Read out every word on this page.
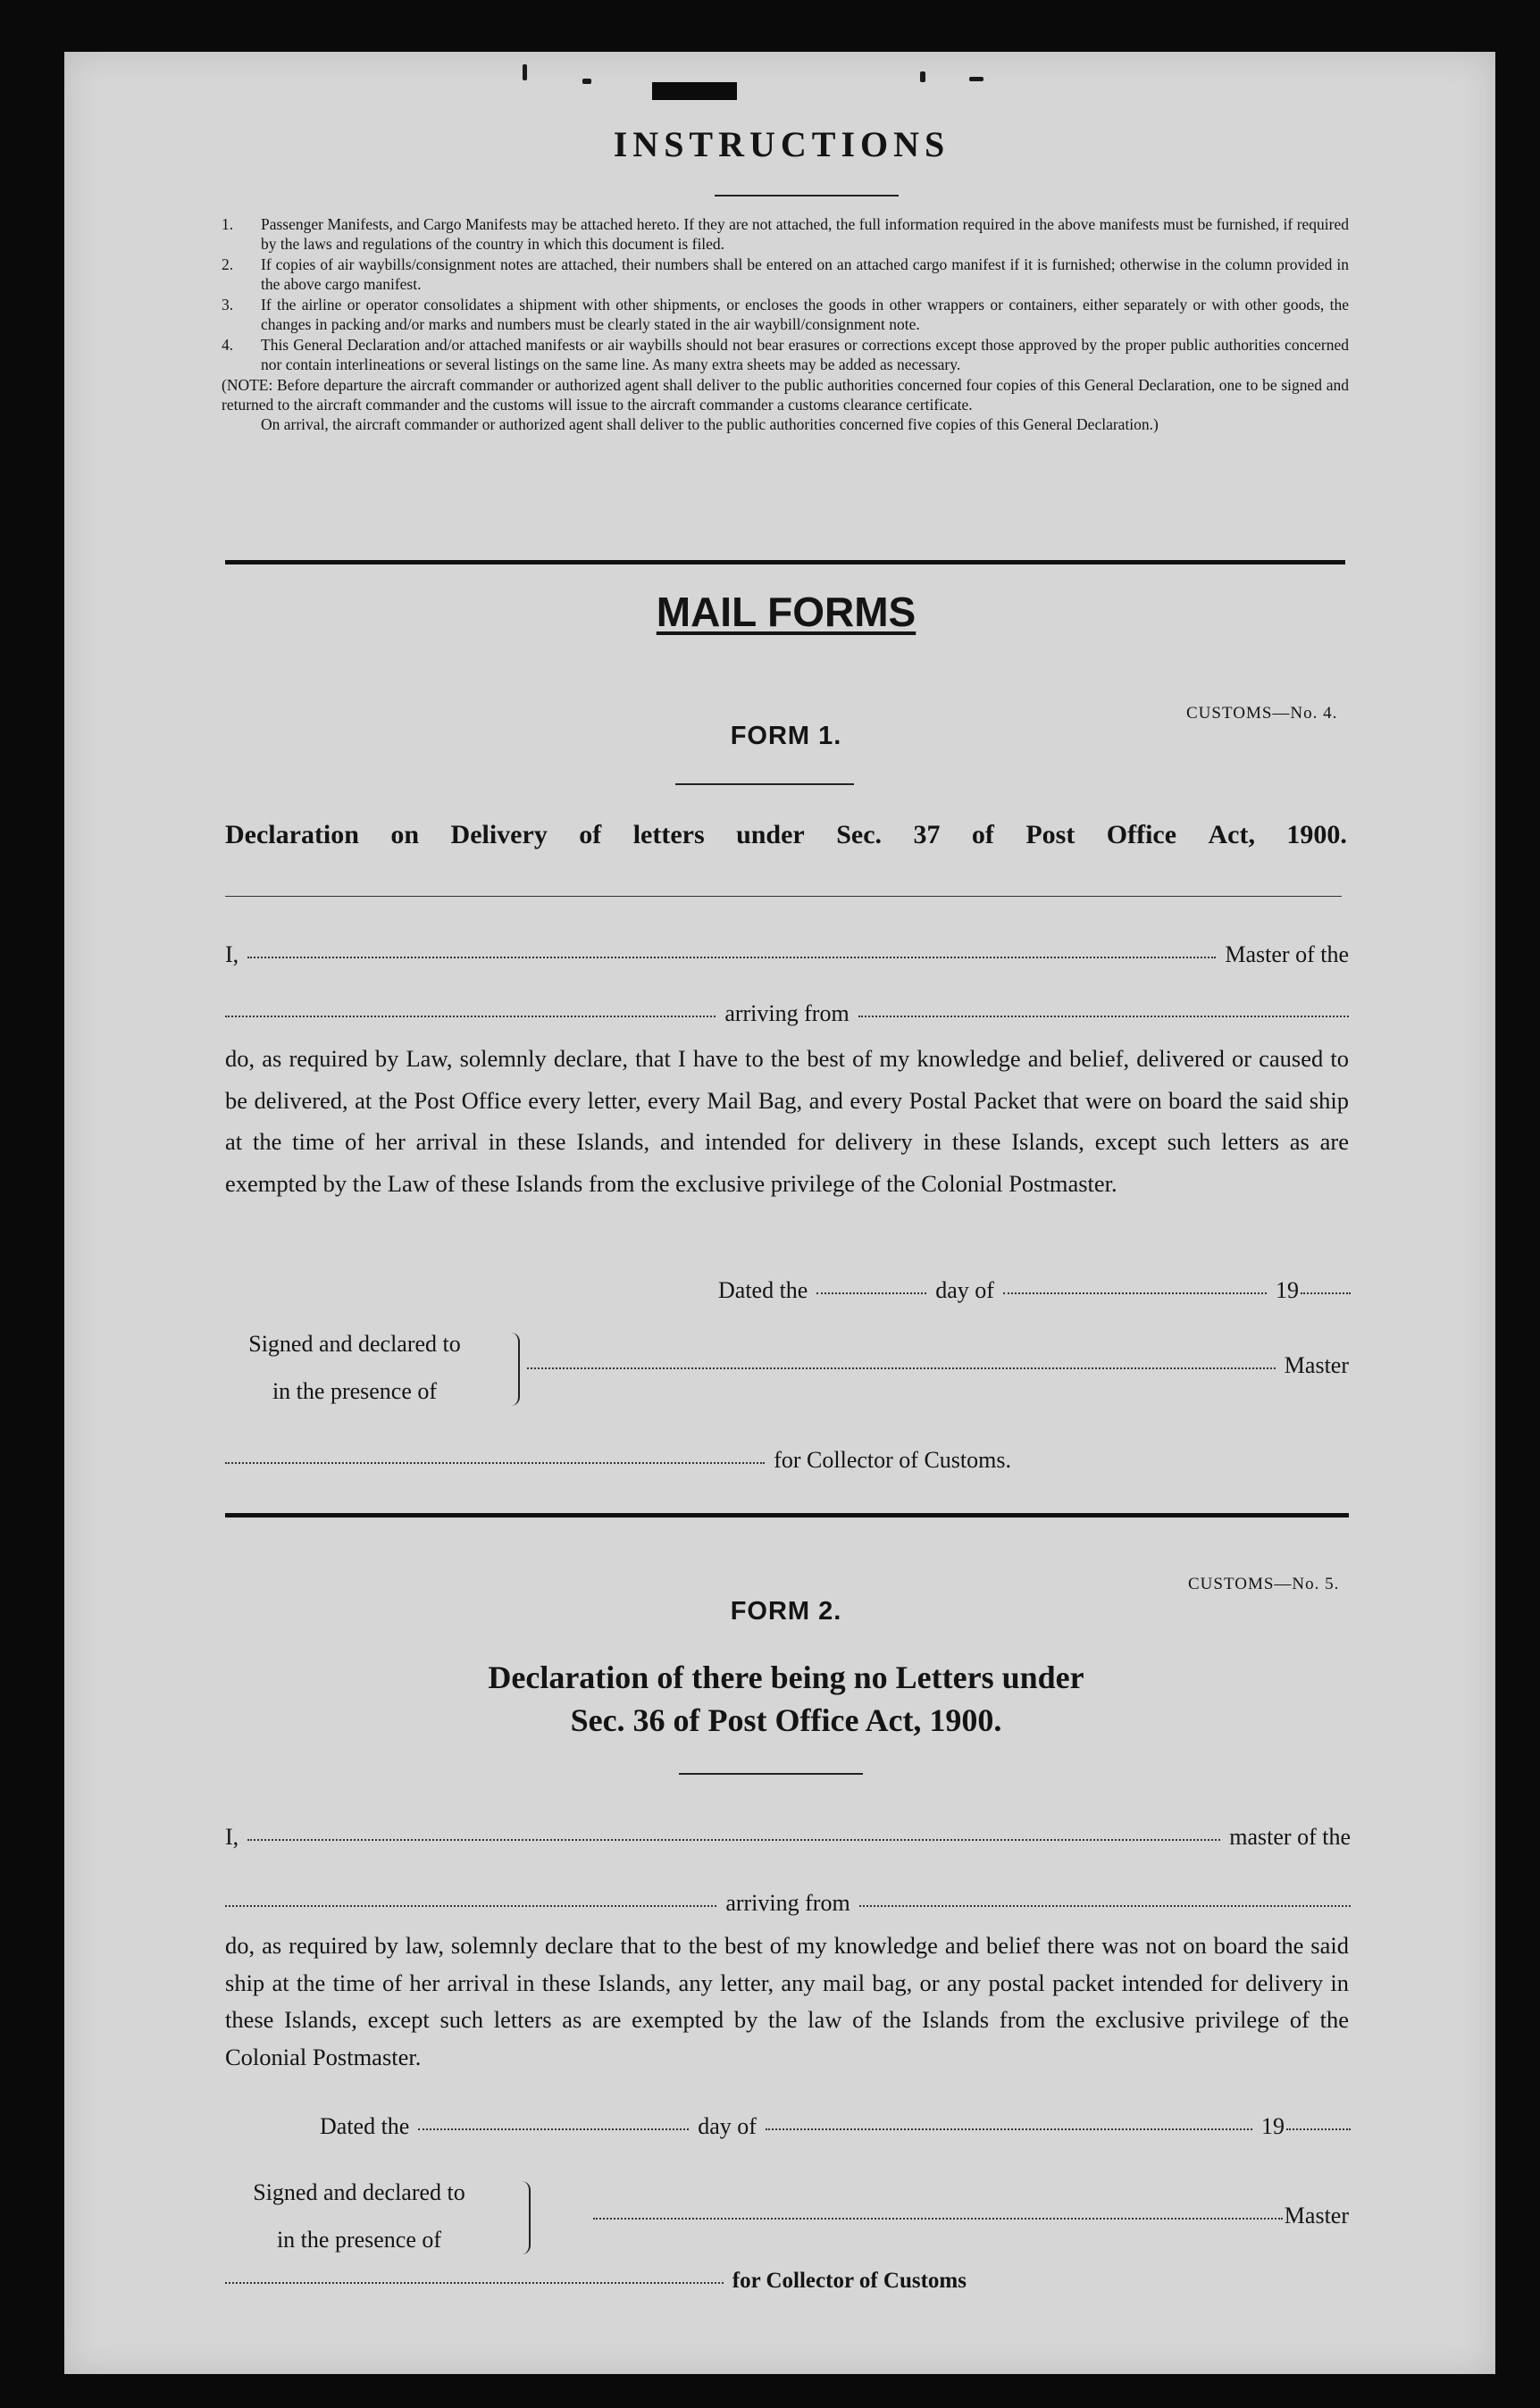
INSTRUCTIONS
1.	Passenger Manifests, and Cargo Manifests may be attached hereto. If they are not attached, the full information required in the above manifests must be furnished, if required by the laws and regulations of the country in which this document is filed.
2.	If copies of air waybills/consignment notes are attached, their numbers shall be entered on an attached cargo manifest if it is furnished; otherwise in the column provided in the above cargo manifest.
3.	If the airline or operator consolidates a shipment with other shipments, or encloses the goods in other wrappers or containers, either separately or with other goods, the changes in packing and/or marks and numbers must be clearly stated in the air waybill/consignment note.
4.	This General Declaration and/or attached manifests or air waybills should not bear erasures or corrections except those approved by the proper public authorities concerned nor contain interlineations or several listings on the same line. As many extra sheets may be added as necessary.

(NOTE: Before departure the aircraft commander or authorized agent shall deliver to the public authorities concerned four copies of this General Declaration, one to be signed and returned to the aircraft commander and the customs will issue to the aircraft commander a customs clearance certificate.

On arrival, the aircraft commander or authorized agent shall deliver to the public authorities concerned five copies of this General Declaration.)

MAIL FORMS
CUSTOMS—No. 4.
FORM 1.
Declaration on Delivery of letters under Sec. 37 of Post Office Act, 1900.
I,	Master of the
arriving from
do, as required by Law, solemnly declare, that I have to the best of my knowledge and belief, delivered or caused to be delivered, at the Post Office every letter, every Mail Bag, and every Postal Packet that were on board the said ship at the time of her arrival in these Islands, and intended for delivery in these Islands, except such letters as are exempted by the Law of these Islands from the exclusive privilege of the Colonial Postmaster.
Dated the	day of	19
Signed and declared to
in the presence of
Master
for Collector of Customs.
CUSTOMS—No. 5.
FORM 2.
Declaration of there being no Letters under
Sec. 36 of Post Office Act, 1900.
I,	master of the
arriving from
do, as required by law, solemnly declare that to the best of my knowledge and belief there was not on board the said ship at the time of her arrival in these Islands, any letter, any mail bag, or any postal packet intended for delivery in these Islands, except such letters as are exempted by the law of the Islands from the exclusive privilege of the Colonial Postmaster.
Dated the	day of	19
Signed and declared to
in the presence of
Master
for Collector of Customs
